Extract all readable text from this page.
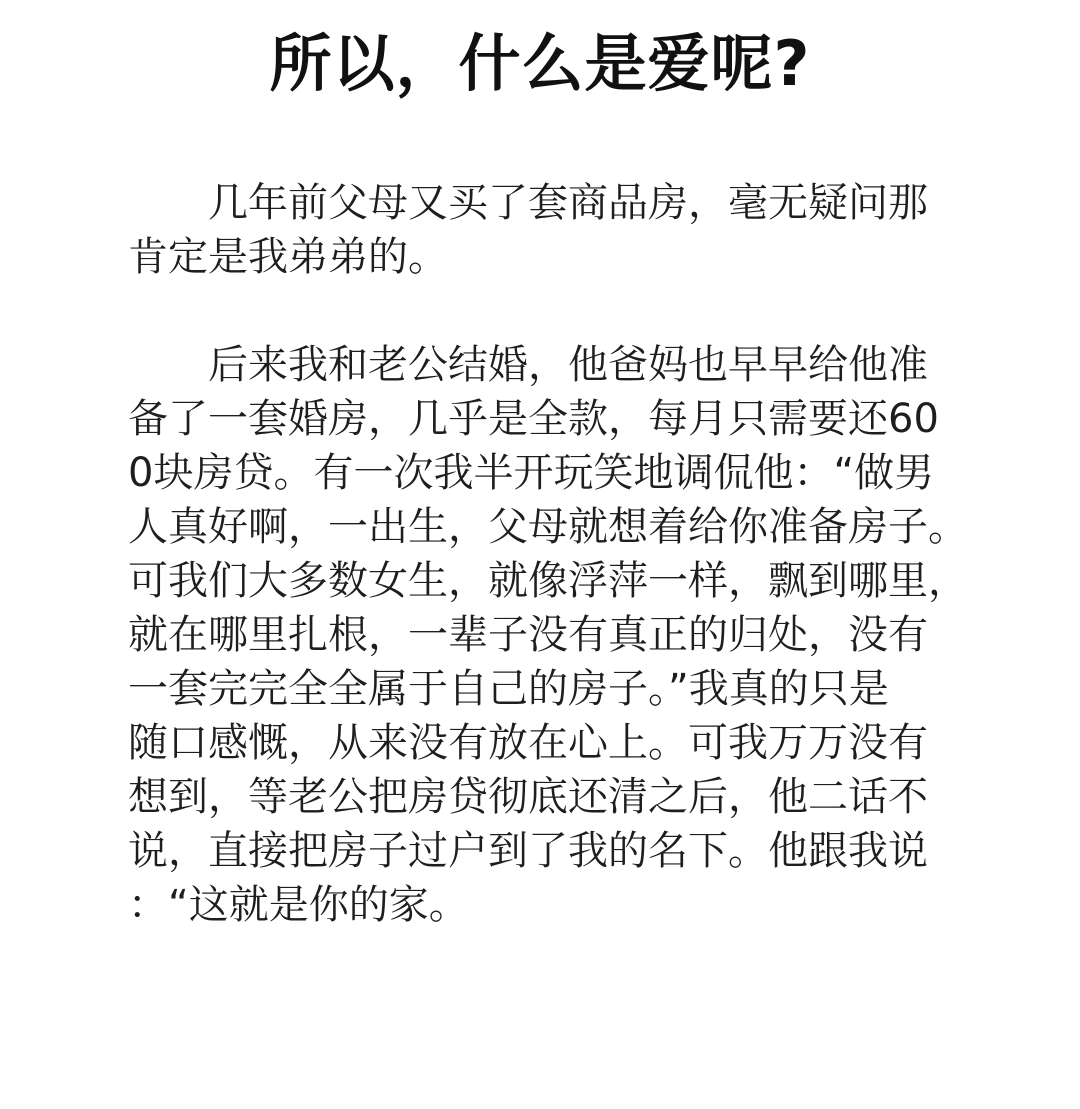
所以，什么是爱呢?
几年前父母又买了套商品房，毫无疑问那
肯定是我弟弟的。
后来我和老公结婚，他爸妈也早早给他准
备了一套婚房，几乎是全款，每月只需要还60
0块房贷。有一次我半开玩笑地调侃他：“做男
人真好啊，一出生，父母就想着给你准备房子。
可我们大多数女生，就像浮萍一样，飘到哪里，
就在哪里扎根，一辈子没有真正的归处，没有
一套完完全全属于自己的房子。”我真的只是
随口感慨，从来没有放在心上。可我万万没有
想到，等老公把房贷彻底还清之后，他二话不
说，直接把房子过户到了我的名下。他跟我说
：“这就是你的家。
